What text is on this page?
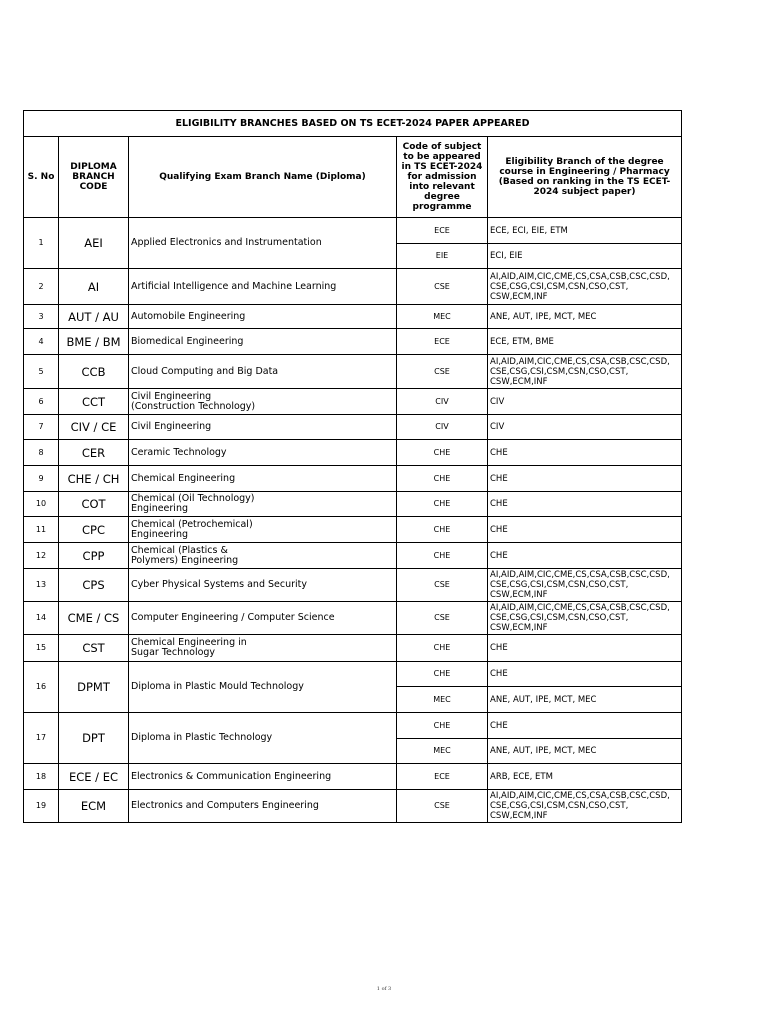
ELIGIBILITY BRANCHES BASED ON TS ECET-2024 PAPER APPEARED				
S. No	DIPLOMA BRANCH CODE	Qualifying Exam Branch Name (Diploma)	Code of subject to be appeared in TS ECET-2024 for admission into relevant degree programme	Eligibility Branch of the degree course in Engineering / Pharmacy (Based on ranking in the TS ECET-2024 subject paper)
1	AEI	Applied Electronics and Instrumentation	ECE	ECE, ECI, EIE, ETM
			EIE	ECI, EIE
2	AI	Artificial Intelligence and Machine Learning	CSE	AI,AID,AIM,CIC,CME,CS,CSA,CSB,CSC,CSD, CSE,CSG,CSI,CSM,CSN,CSO,CST, CSW,ECM,INF
3	AUT / AU	Automobile Engineering	MEC	ANE, AUT, IPE, MCT, MEC
4	BME / BM	Biomedical Engineering	ECE	ECE, ETM, BME
5	CCB	Cloud Computing and Big Data	CSE	AI,AID,AIM,CIC,CME,CS,CSA,CSB,CSC,CSD, CSE,CSG,CSI,CSM,CSN,CSO,CST, CSW,ECM,INF
6	CCT	Civil Engineering
(Construction Technology)	CIV	CIV
7	CIV / CE	Civil Engineering	CIV	CIV
8	CER	Ceramic Technology	CHE	CHE
9	CHE / CH	Chemical Engineering	CHE	CHE
10	COT	Chemical (Oil Technology)
Engineering	CHE	CHE
11	CPC	Chemical (Petrochemical)
Engineering	CHE	CHE
12	CPP	Chemical (Plastics &
Polymers) Engineering	CHE	CHE
13	CPS	Cyber Physical Systems and Security	CSE	AI,AID,AIM,CIC,CME,CS,CSA,CSB,CSC,CSD, CSE,CSG,CSI,CSM,CSN,CSO,CST, CSW,ECM,INF
14	CME / CS	Computer Engineering / Computer Science	CSE	AI,AID,AIM,CIC,CME,CS,CSA,CSB,CSC,CSD, CSE,CSG,CSI,CSM,CSN,CSO,CST, CSW,ECM,INF
15	CST	Chemical Engineering in
Sugar Technology	CHE	CHE
16	DPMT	Diploma in Plastic Mould Technology	CHE	CHE
			MEC	ANE, AUT, IPE, MCT, MEC
17	DPT	Diploma in Plastic Technology	CHE	CHE
			MEC	ANE, AUT, IPE, MCT, MEC
18	ECE / EC	Electronics & Communication Engineering	ECE	ARB, ECE, ETM
19	ECM	Electronics and Computers Engineering	CSE	AI,AID,AIM,CIC,CME,CS,CSA,CSB,CSC,CSD, CSE,CSG,CSI,CSM,CSN,CSO,CST, CSW,ECM,INF
1 of 3
